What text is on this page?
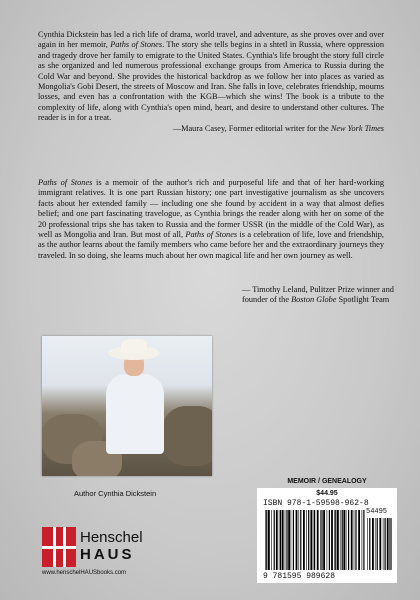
Cynthia Dickstein has led a rich life of drama, world travel, and adventure, as she proves over and over again in her memoir, Paths of Stones. The story she tells begins in a shtetl in Russia, where oppression and tragedy drove her family to emigrate to the United States. Cynthia's life brought the story full circle as she organized and led numerous professional exchange groups from America to Russia during the Cold War and beyond. She provides the historical backdrop as we follow her into places as varied as Mongolia's Gobi Desert, the streets of Moscow and Iran. She falls in love, celebrates friendship, mourns losses, and even has a confrontation with the KGB—which she wins! The book is a tribute to the complexity of life, along with Cynthia's open mind, heart, and desire to understand other cultures. The reader is in for a treat.

—Maura Casey, Former editorial writer for the New York Times

Paths of Stones is a memoir of the author's rich and purposeful life and that of her hard-working immigrant relatives. It is one part Russian history; one part investigative journalism as she uncovers facts about her extended family — including one she found by accident in a way that almost defies belief; and one part fascinating travelogue, as Cynthia brings the reader along with her on some of the 20 professional trips she has taken to Russia and the former USSR (in the middle of the Cold War), as well as Mongolia and Iran. But most of all, Paths of Stones is a celebration of life, love and friendship, as the author learns about the family members who came before her and the extraordinary journeys they traveled. In so doing, she learns much about her own magical life and her own journey as well.

— Timothy Leland, Pulitzer Prize winner and
founder of the Boston Globe Spotlight Team
Author Cynthia Dickstein
Henschel
HAUS
www.henschelHAUSbooks.com
MEMOIR / GENEALOGY
$44.95
ISBN 978-1-59598-962-8
54495
9 781595 989628
